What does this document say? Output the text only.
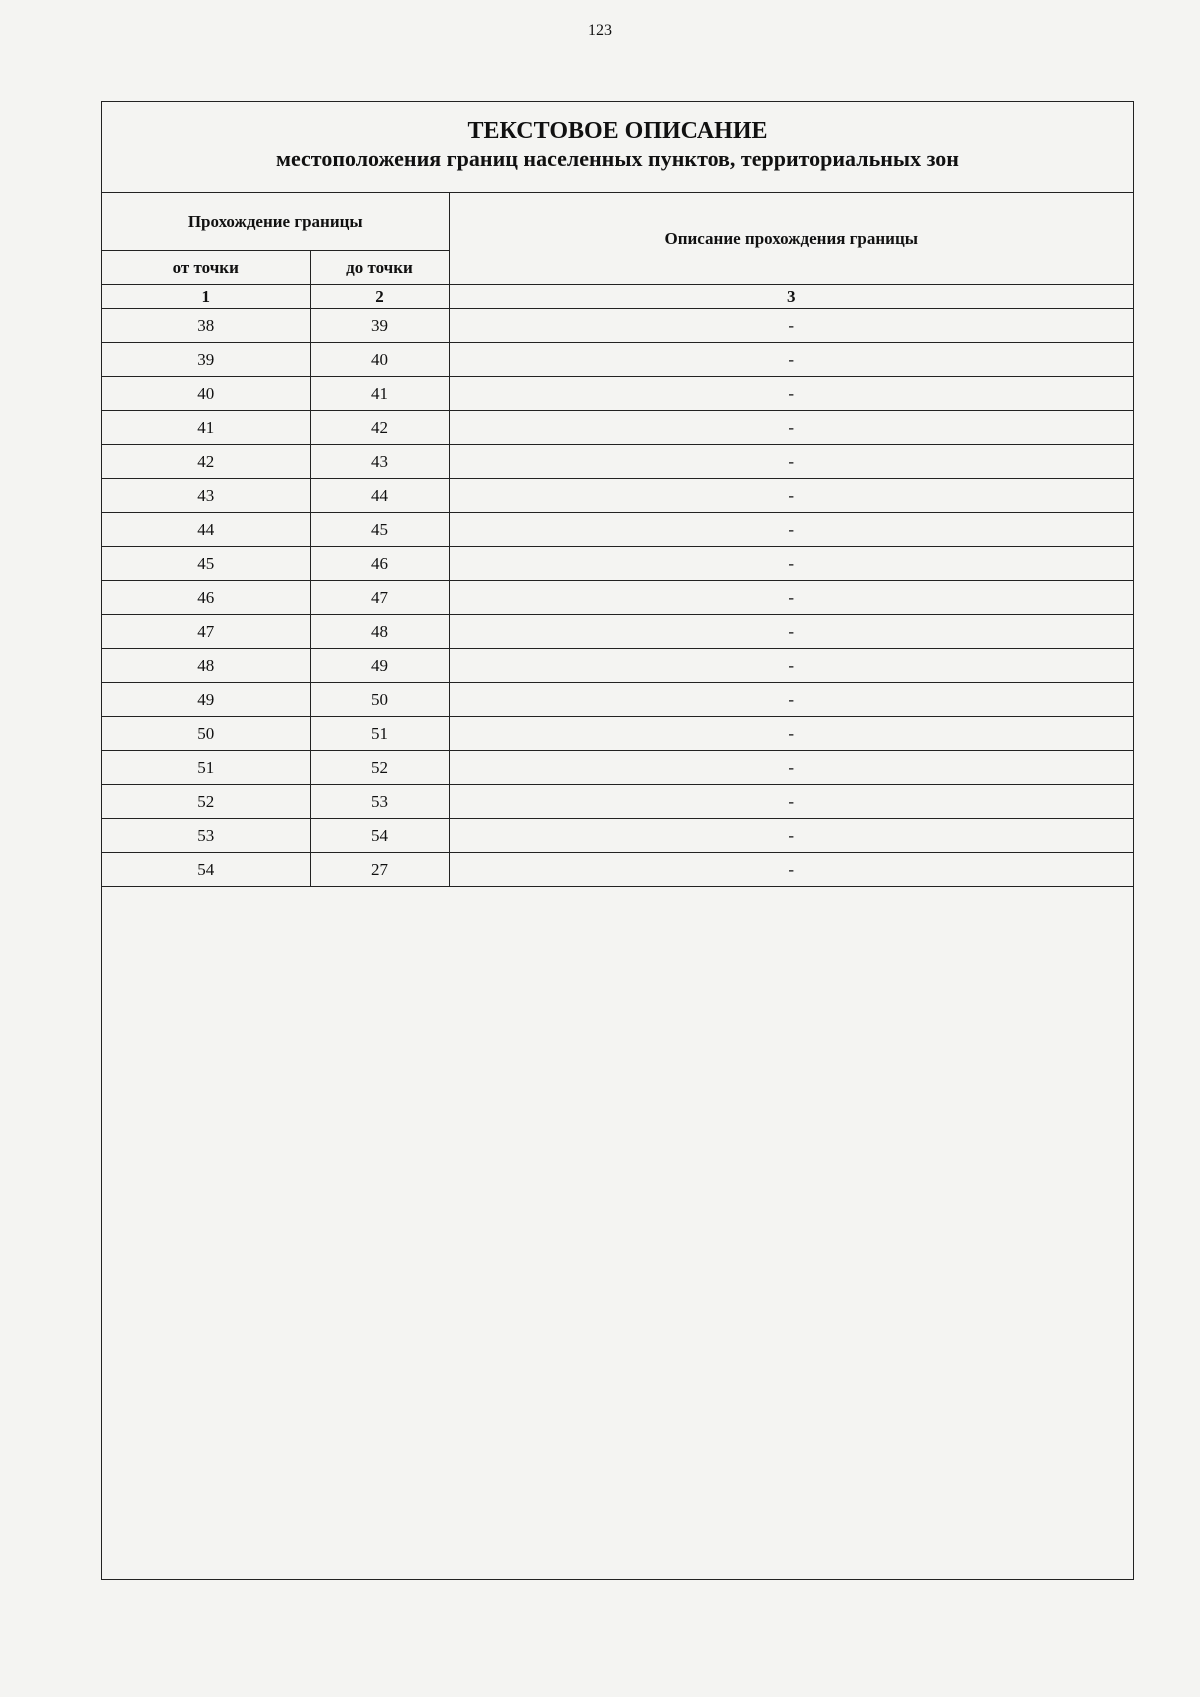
123
ТЕКСТОВОЕ ОПИСАНИЕ
местоположения границ населенных пунктов, территориальных зон
Прохождение границы		Описание прохождения границы
от точки	до точки	
1	2	3
38	39	-
39	40	-
40	41	-
41	42	-
42	43	-
43	44	-
44	45	-
45	46	-
46	47	-
47	48	-
48	49	-
49	50	-
50	51	-
51	52	-
52	53	-
53	54	-
54	27	-
